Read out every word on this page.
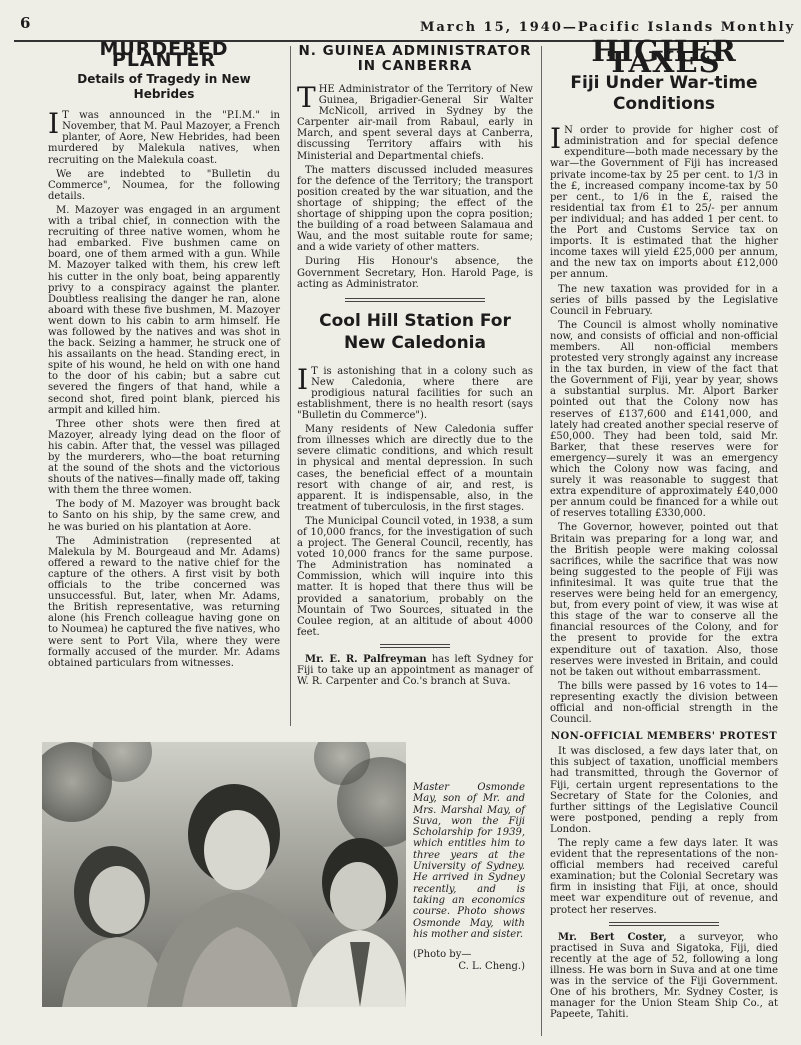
6	March 15, 1940—Pacific Islands Monthly
MURDERED PLANTER
Details of Tragedy in New Hebrides

I T was announced in the "P.I.M." in November, that M. Paul Mazoyer, a French planter, of Aore, New Hebrides, had been murdered by Malekula natives, when recruiting on the Malekula coast.

We are indebted to "Bulletin du Commerce", Noumea, for the following details.

M. Mazoyer was engaged in an argument with a tribal chief, in connection with the recruiting of three native women, whom he had embarked. Five bushmen came on board, one of them armed with a gun. While M. Mazoyer talked with them, his crew left his cutter in the only boat, being apparently privy to a conspiracy against the planter. Doubtless realising the danger he ran, alone aboard with these five bushmen, M. Mazoyer went down to his cabin to arm himself. He was followed by the natives and was shot in the back. Seizing a hammer, he struck one of his assailants on the head. Standing erect, in spite of his wound, he held on with one hand to the door of his cabin; but a sabre cut severed the fingers of that hand, while a second shot, fired point blank, pierced his armpit and killed him.

Three other shots were then fired at Mazoyer, already lying dead on the floor of his cabin. After that, the vessel was pillaged by the murderers, who—the boat returning at the sound of the shots and the victorious shouts of the natives—finally made off, taking with them the three women.

The body of M. Mazoyer was brought back to Santo on his ship, by the same crew, and he was buried on his plantation at Aore.

The Administration (represented at Malekula by M. Bourgeaud and Mr. Adams) offered a reward to the native chief for the capture of the others. A first visit by both officials to the tribe concerned was unsuccessful. But, later, when Mr. Adams, the British representative, was returning alone (his French colleague having gone on to Noumea) he captured the five natives, who were sent to Port Vila, where they were formally accused of the murder. Mr. Adams obtained particulars from witnesses.

N. GUINEA ADMINISTRATOR IN CANBERRA

THE Administrator of the Territory of New Guinea, Brigadier-General Sir Walter McNicoll, arrived in Sydney by the Carpenter air-mail from Rabaul, early in March, and spent several days at Canberra, discussing Territory affairs with his Ministerial and Departmental chiefs.

The matters discussed included measures for the defence of the Territory; the transport position created by the war situation, and the shortage of shipping; the effect of the shortage of shipping upon the copra position; the building of a road between Salamaua and Wau, and the most suitable route for same; and a wide variety of other matters.

During His Honour's absence, the Government Secretary, Hon. Harold Page, is acting as Administrator.

Cool Hill Station For New Caledonia

I T is astonishing that in a colony such as New Caledonia, where there are prodigious natural facilities for such an establishment, there is no health resort (says "Bulletin du Commerce").

Many residents of New Caledonia suffer from illnesses which are directly due to the severe climatic conditions, and which result in physical and mental depression. In such cases, the beneficial effect of a mountain resort with change of air, and rest, is apparent. It is indispensable, also, in the treatment of tuberculosis, in the first stages.

The Municipal Council voted, in 1938, a sum of 10,000 francs, for the investigation of such a project. The General Council, recently, has voted 10,000 francs for the same purpose. The Administration has nominated a Commission, which will inquire into this matter. It is hoped that there thus will be provided a sanatorium, probably on the Mountain of Two Sources, situated in the Coulee region, at an altitude of about 4000 feet.

Mr. E. R. Palfreyman has left Sydney for Fiji to take up an appointment as manager of W. R. Carpenter and Co.'s branch at Suva.

HIGHER TAXES
Fiji Under War-time Conditions

I N order to provide for higher cost of administration and for special defence expenditure—both made necessary by the war—the Government of Fiji has increased private income-tax by 25 per cent. to 1/3 in the £, increased company income-tax by 50 per cent., to 1/6 in the £, raised the residential tax from £1 to 25/- per annum per individual; and has added 1 per cent. to the Port and Customs Service tax on imports. It is estimated that the higher income taxes will yield £25,000 per annum, and the new tax on imports about £12,000 per annum.

The new taxation was provided for in a series of bills passed by the Legislative Council in February.

The Council is almost wholly nominative now, and consists of official and non-official members. All non-official members protested very strongly against any increase in the tax burden, in view of the fact that the Government of Fiji, year by year, shows a substantial surplus. Mr. Alport Barker pointed out that the Colony now has reserves of £137,600 and £141,000, and lately had created another special reserve of £50,000. They had been told, said Mr. Barker, that these reserves were for emergency—surely it was an emergency which the Colony now was facing, and surely it was reasonable to suggest that extra expenditure of approximately £40,000 per annum could be financed for a while out of reserves totalling £330,000.

The Governor, however, pointed out that Britain was preparing for a long war, and the British people were making colossal sacrifices, while the sacrifice that was now being suggested to the people of Fiji was infinitesimal. It was quite true that the reserves were being held for an emergency, but, from every point of view, it was wise at this stage of the war to conserve all the financial resources of the Colony, and for the present to provide for the extra expenditure out of taxation. Also, those reserves were invested in Britain, and could not be taken out without embarrassment.

The bills were passed by 16 votes to 14—representing exactly the division between official and non-official strength in the Council.

NON-OFFICIAL MEMBERS' PROTEST

It was disclosed, a few days later that, on this subject of taxation, unofficial members had transmitted, through the Governor of Fiji, certain urgent representations to the Secretary of State for the Colonies, and further sittings of the Legislative Council were postponed, pending a reply from London.

The reply came a few days later. It was evident that the representations of the non-official members had received careful examination; but the Colonial Secretary was firm in insisting that Fiji, at once, should meet war expenditure out of revenue, and protect her reserves.

Mr. Bert Coster, a surveyor, who practised in Suva and Sigatoka, Fiji, died recently at the age of 52, following a long illness. He was born in Suva and at one time was in the service of the Fiji Government. One of his brothers, Mr. Sydney Coster, is manager for the Union Steam Ship Co., at Papeete, Tahiti.

Master Osmonde May, son of Mr. and Mrs. Marshal May, of Suva, won the Fiji Scholarship for 1939, which entitles him to three years at the University of Sydney. He arrived in Sydney recently, and is taking an economics course. Photo shows Osmonde May, with his mother and sister.
(Photo by—
C. L. Cheng.)
